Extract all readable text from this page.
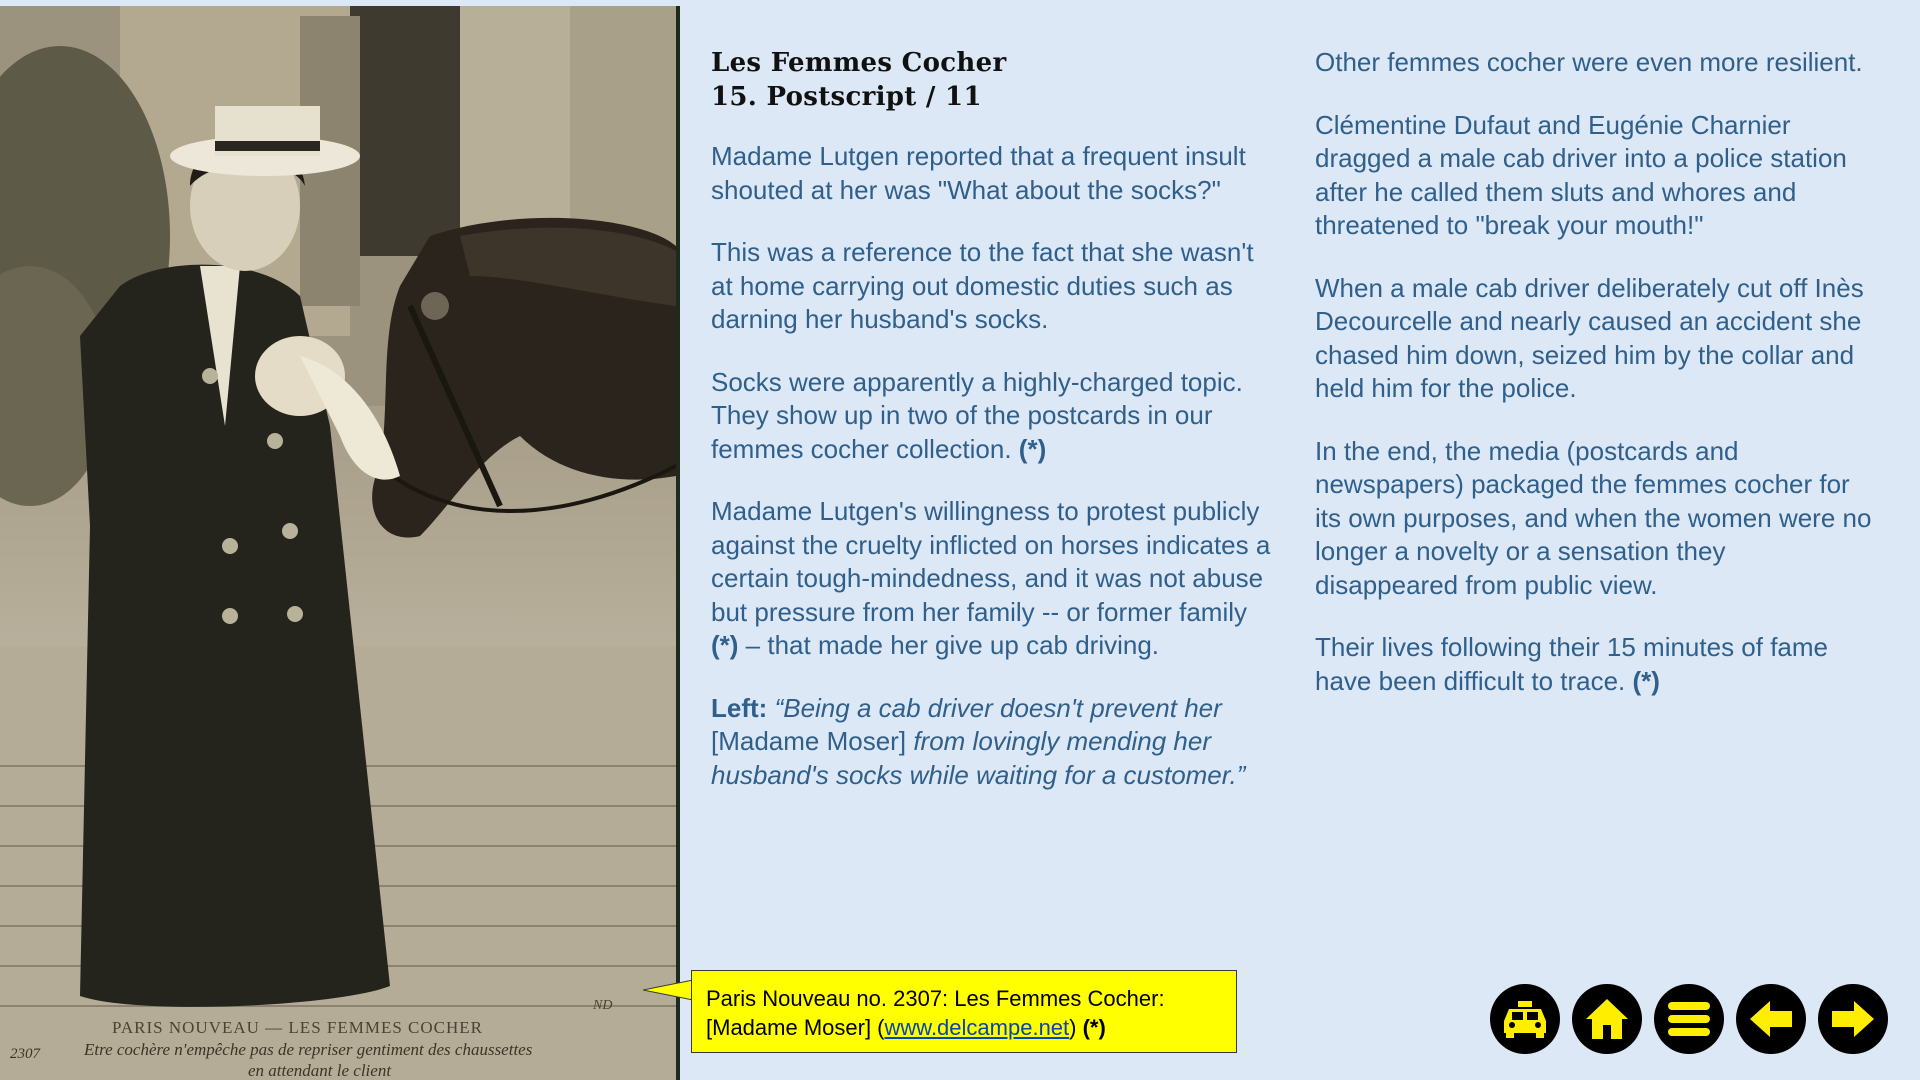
PARIS NOUVEAU — LES FEMMES COCHER
2307	Etre cochère n'empêche pas de repriser gentiment des chaussettes
en attendant le client
ND
Les Femmes Cocher
15. Postscript / 11

Madame Lutgen reported that a frequent insult shouted at her was "What about the socks?"

This was a reference to the fact that she wasn't at home carrying out domestic duties such as darning her husband's socks.

Socks were apparently a highly-charged topic. They show up in two of the postcards in our femmes cocher collection. (*)

Madame Lutgen's willingness to protest publicly against the cruelty inflicted on horses indicates a certain tough-mindedness, and it was not abuse but pressure from her family -- or former family (*) – that made her give up cab driving.

Left: “Being a cab driver doesn't prevent her [Madame Moser] from lovingly mending her husband's socks while waiting for a customer.”

Other femmes cocher were even more resilient.

Clémentine Dufaut and Eugénie Charnier dragged a male cab driver into a police station after he called them sluts and whores and threatened to "break your mouth!"

When a male cab driver deliberately cut off Inès Decourcelle and nearly caused an accident she chased him down, seized him by the collar and held him for the police.

In the end, the media (postcards and newspapers) packaged the femmes cocher for its own purposes, and when the women were no longer a novelty or a sensation they disappeared from public view.

Their lives following their 15 minutes of fame have been difficult to trace. (*)

Paris Nouveau no. 2307: Les Femmes Cocher: [Madame Moser] (www.delcampe.net) (*)
